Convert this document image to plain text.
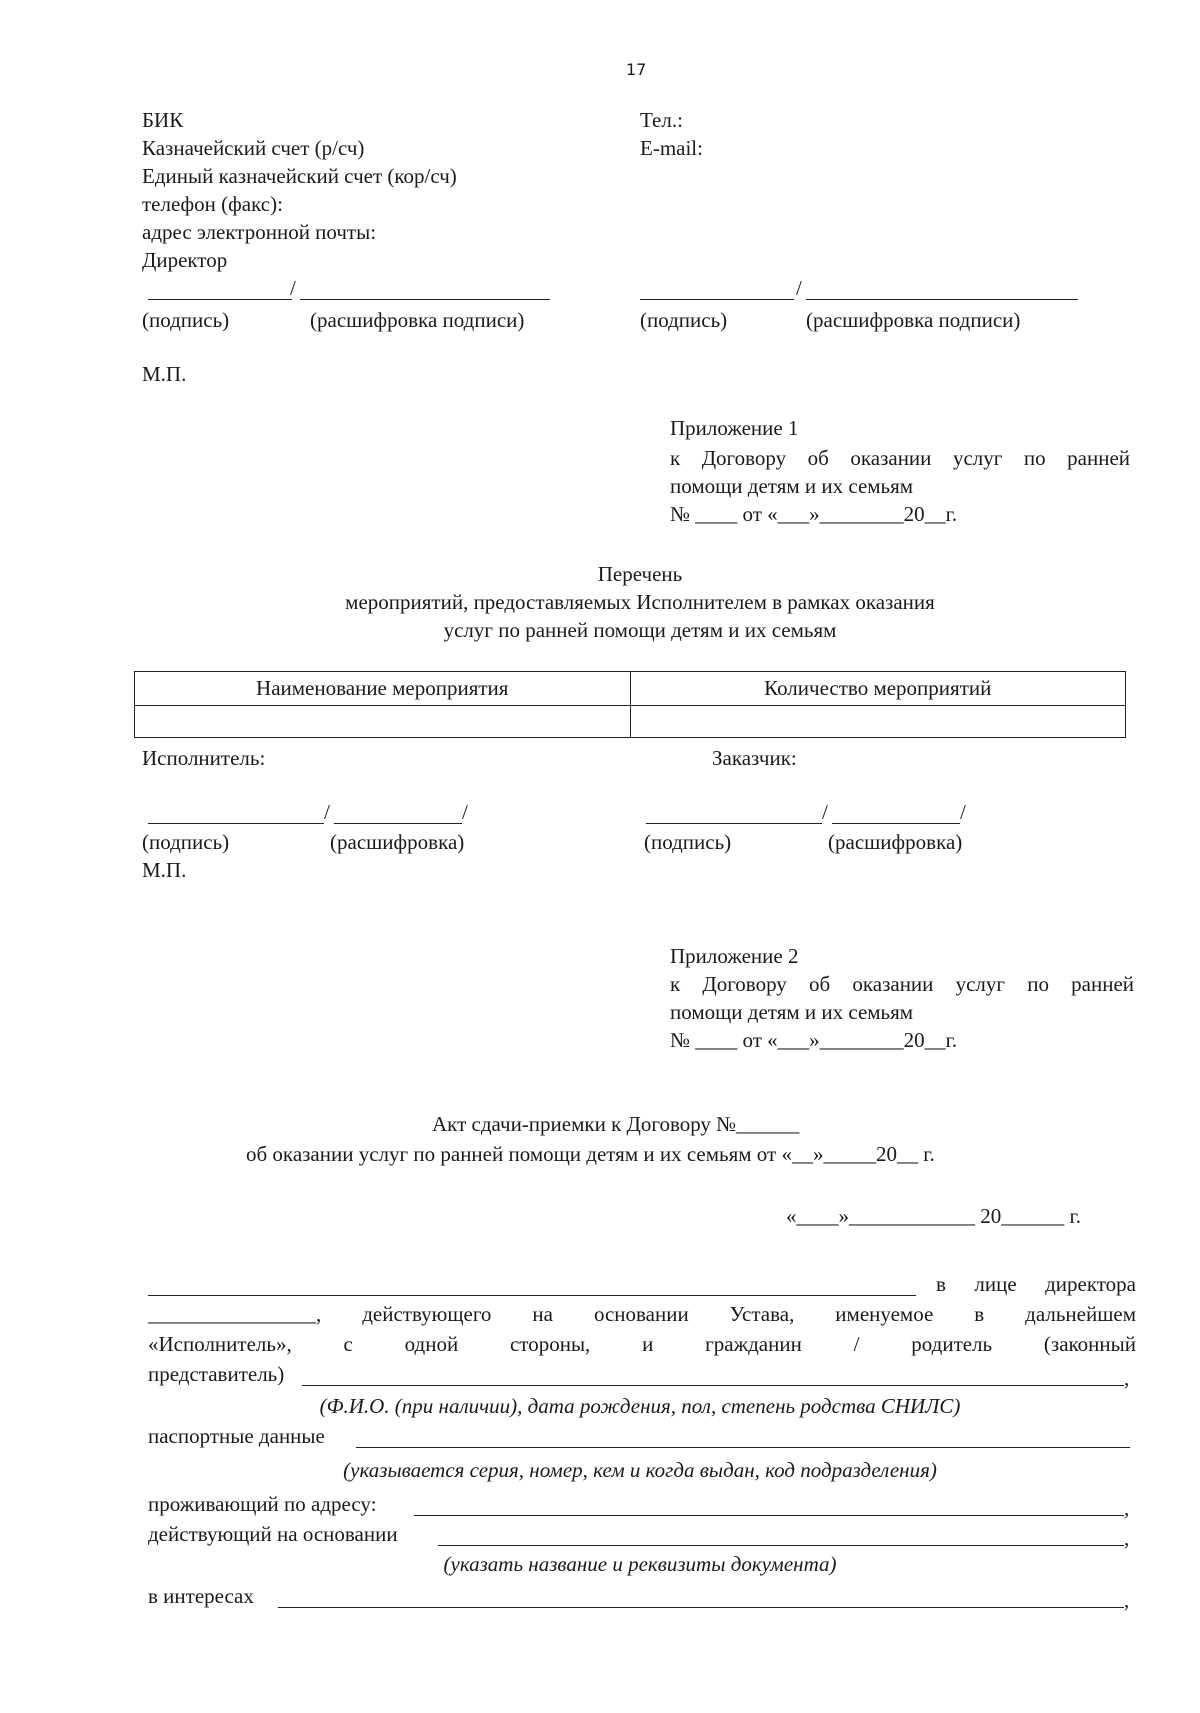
17
БИК
Казначейский счет (р/сч)
Единый казначейский счет (кор/сч)
телефон (факс):
адрес электронной почты:
Директор
Тел.:
E-mail:
/	/
(подпись)	(расшифровка подписи)	(подпись)	(расшифровка подписи)
М.П.
Приложение 1
к Договору об оказании услуг по ранней
помощи детям и их семьям
№ ____ от «___»________20__г.
Перечень
мероприятий, предоставляемых Исполнителем в рамках оказания
услуг по ранней помощи детям и их семьям
Наименование мероприятия	Количество мероприятий

Исполнитель:	Заказчик:
/	/	/	/
(подпись)	(расшифровка)	(подпись)	(расшифровка)
М.П.
Приложение 2
к Договору об оказании услуг по ранней
помощи детям и их семьям
№ ____ от «___»________20__г.
Акт сдачи-приемки к Договору №______
об оказании услуг по ранней помощи детям и их семьям от «__»_____20__ г.
«____»____________ 20______ г.
в лице директора
________________, действующего на основании Устава, именуемое в дальнейшем
«Исполнитель», с одной стороны, и гражданин / родитель (законный
представитель)	,
(Ф.И.О. (при наличии), дата рождения, пол, степень родства СНИЛС)
паспортные данные
(указывается серия, номер, кем и когда выдан, код подразделения)
проживающий по адресу:	,
действующий на основании	,
(указать название и реквизиты документа)
в интересах	,
